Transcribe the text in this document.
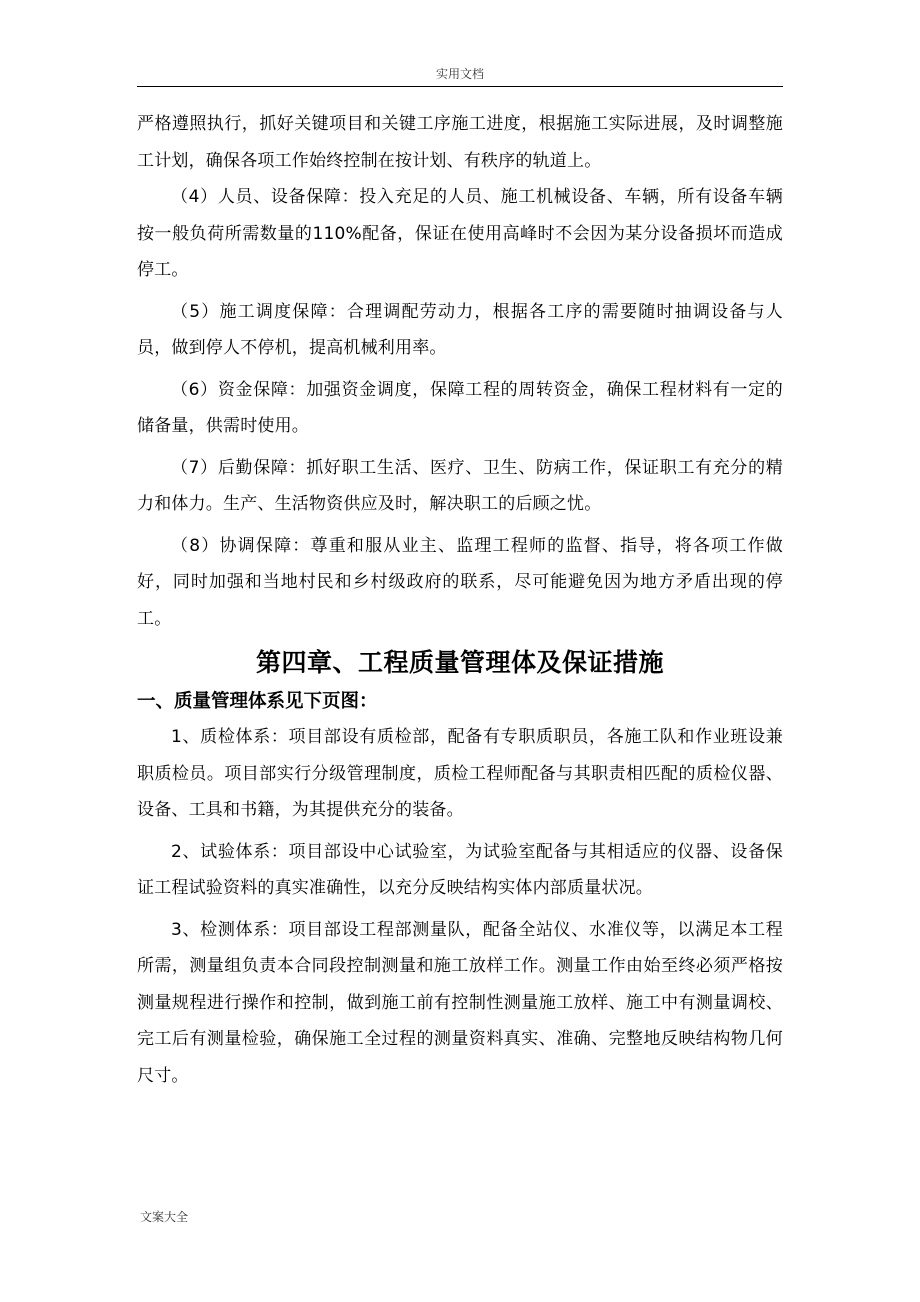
实用文档

严格遵照执行，抓好关键项目和关键工序施工进度，根据施工实际进展，及时调整施工计划，确保各项工作始终控制在按计划、有秩序的轨道上。

（4）人员、设备保障：投入充足的人员、施工机械设备、车辆，所有设备车辆按一般负荷所需数量的110%配备，保证在使用高峰时不会因为某分设备损坏而造成停工。

（5）施工调度保障：合理调配劳动力，根据各工序的需要随时抽调设备与人员，做到停人不停机，提高机械利用率。

（6）资金保障：加强资金调度，保障工程的周转资金，确保工程材料有一定的储备量，供需时使用。

（7）后勤保障：抓好职工生活、医疗、卫生、防病工作，保证职工有充分的精力和体力。生产、生活物资供应及时，解决职工的后顾之忧。

（8）协调保障：尊重和服从业主、监理工程师的监督、指导，将各项工作做好，同时加强和当地村民和乡村级政府的联系，尽可能避免因为地方矛盾出现的停工。

第四章、工程质量管理体及保证措施
一、质量管理体系见下页图：

1、质检体系：项目部设有质检部，配备有专职质职员，各施工队和作业班设兼职质检员。项目部实行分级管理制度，质检工程师配备与其职责相匹配的质检仪器、设备、工具和书籍，为其提供充分的装备。

2、试验体系：项目部设中心试验室，为试验室配备与其相适应的仪器、设备保证工程试验资料的真实准确性，以充分反映结构实体内部质量状况。

3、检测体系：项目部设工程部测量队，配备全站仪、水准仪等，以满足本工程所需，测量组负责本合同段控制测量和施工放样工作。测量工作由始至终必须严格按测量规程进行操作和控制，做到施工前有控制性测量施工放样、施工中有测量调校、完工后有测量检验，确保施工全过程的测量资料真实、准确、完整地反映结构物几何尺寸。

文案大全
